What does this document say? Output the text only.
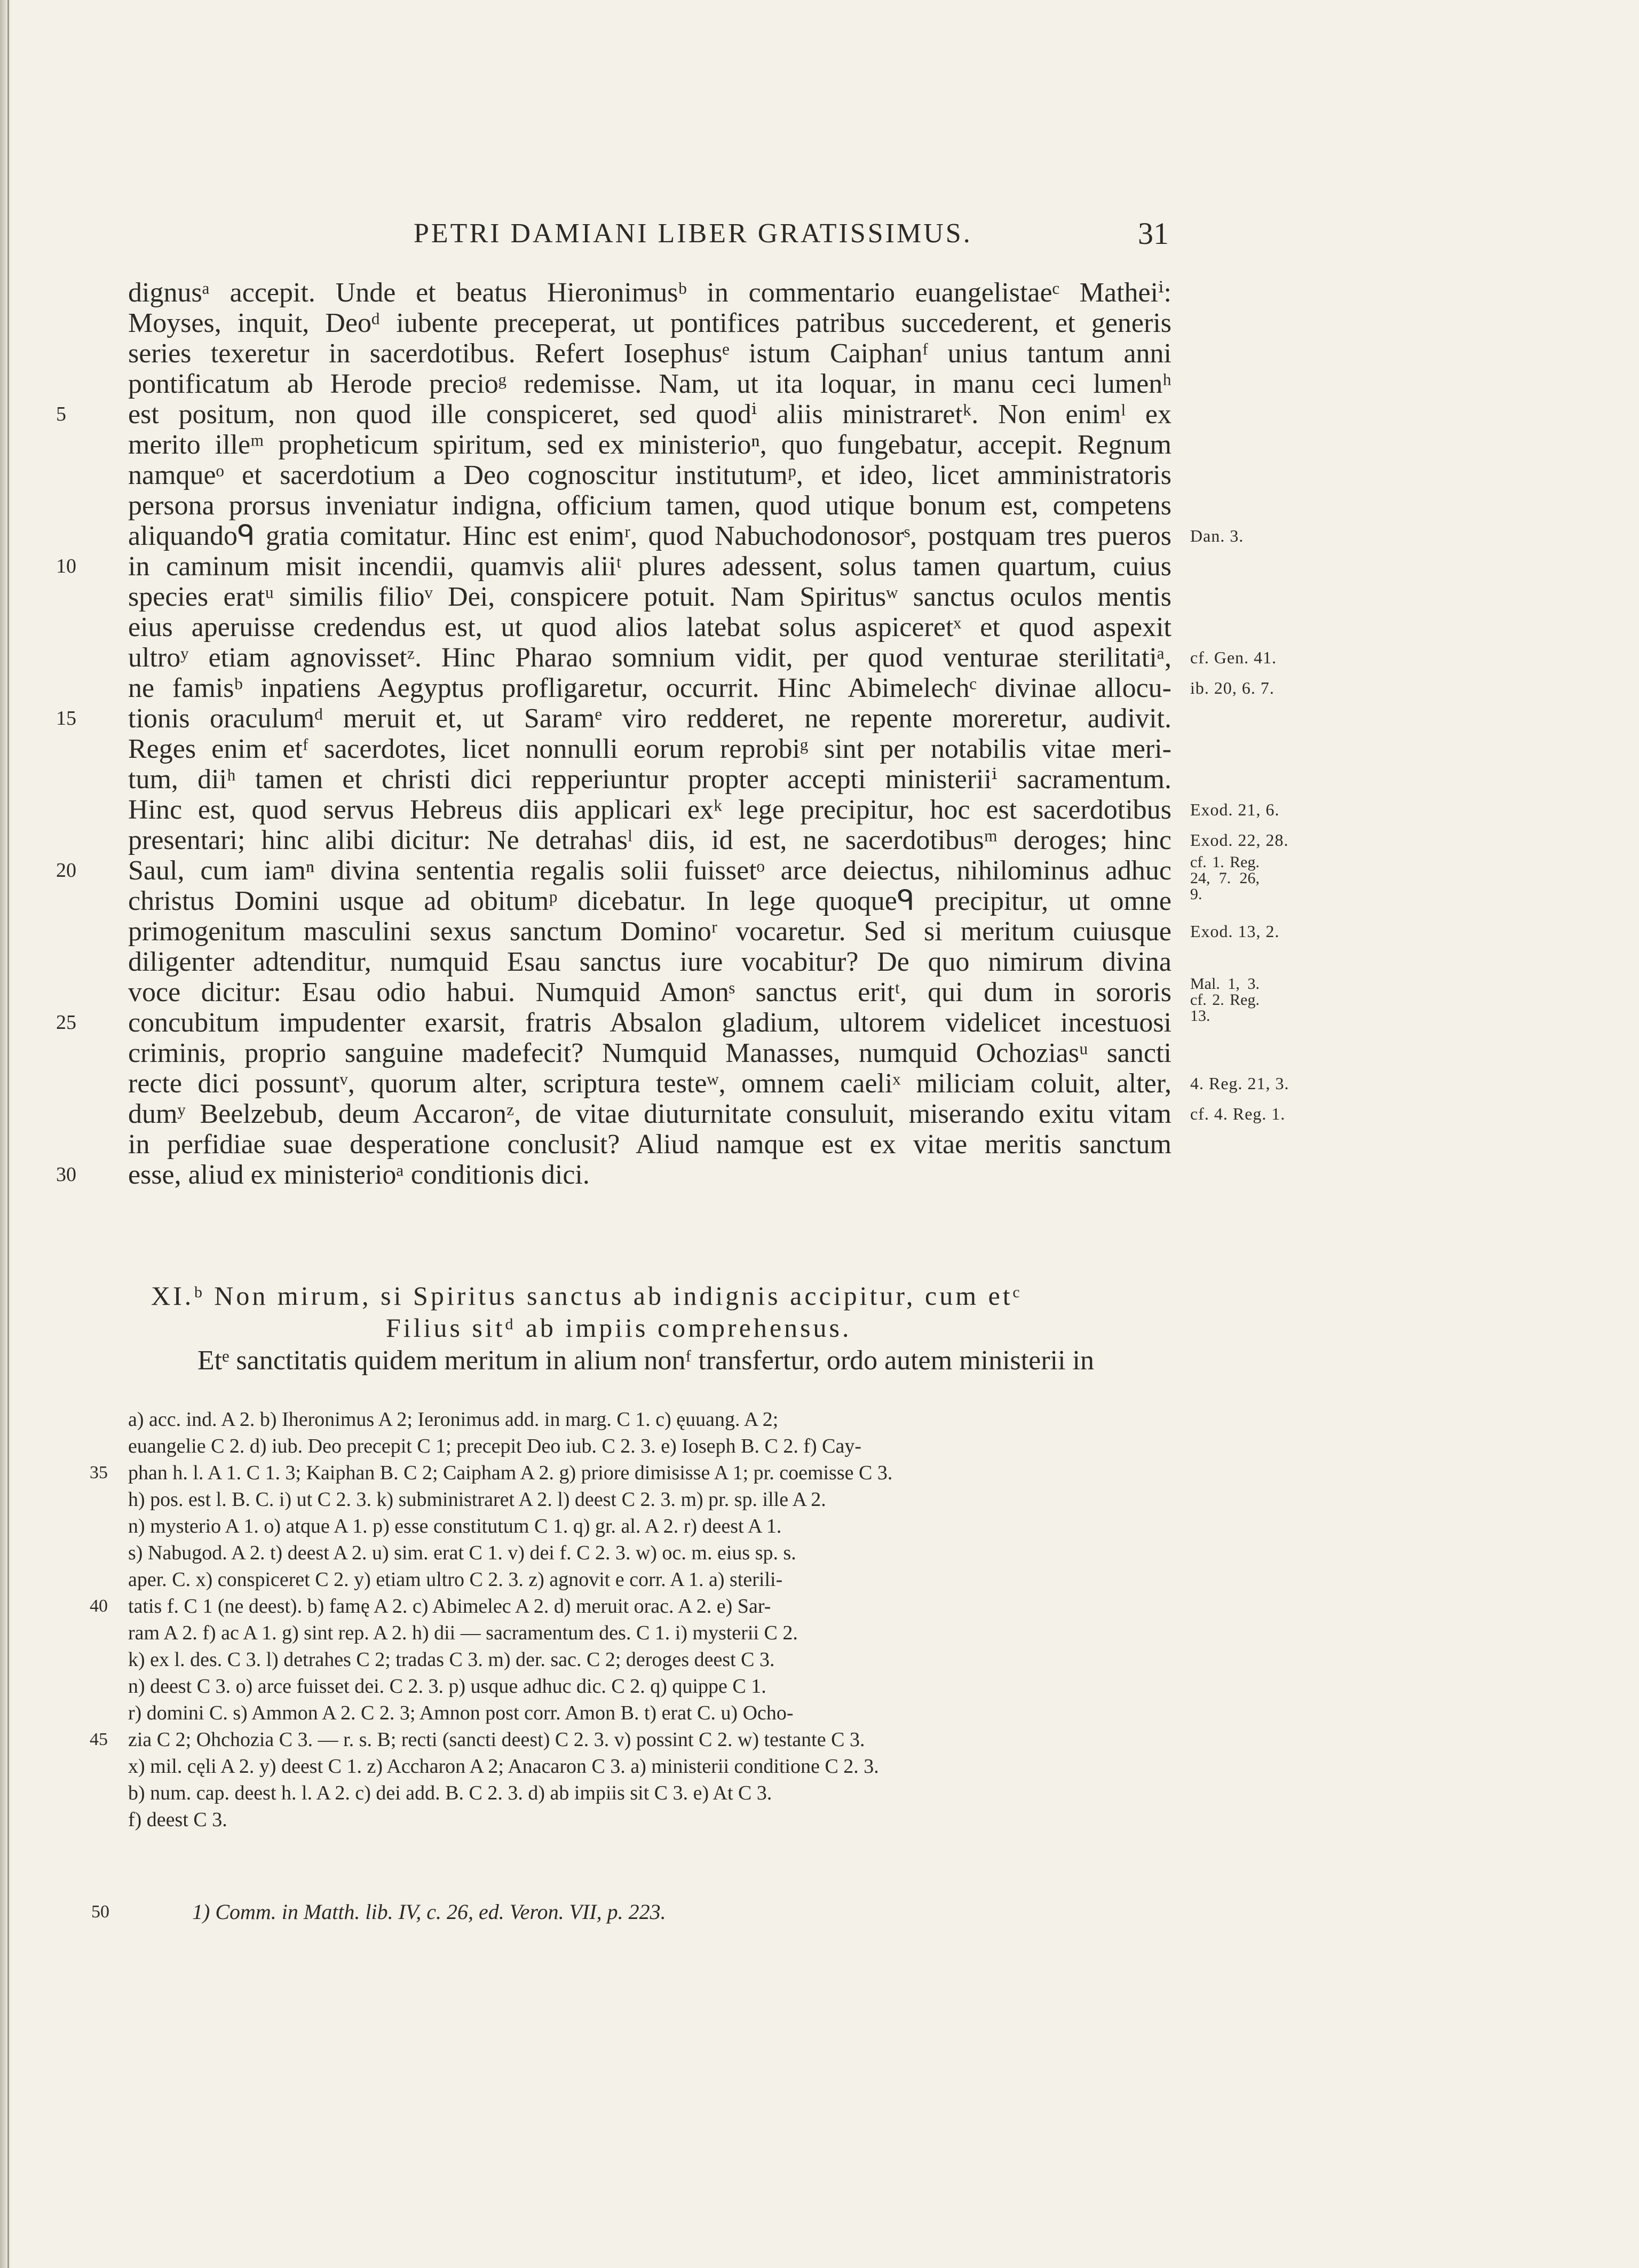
PETRI DAMIANI LIBER GRATISSIMUS.	31
dignusᵃ accepit. Unde et beatus Hieronimusᵇ in commentario euangelistaeᶜ Matheiⁱ:
Moyses, inquit, Deoᵈ iubente preceperat, ut pontifices patribus succederent, et generis
series texeretur in sacerdotibus. Refert Iosephusᵉ istum Caiphanᶠ unius tantum anni
pontificatum ab Herode precioᵍ redemisse. Nam, ut ita loquar, in manu ceci lumenʰ
est positum, non quod ille conspiceret, sed quodⁱ aliis ministraretᵏ. Non enimˡ ex
5
merito illeᵐ propheticum spiritum, sed ex ministerioⁿ, quo fungebatur, accepit. Regnum
namqueᵒ et sacerdotium a Deo cognoscitur institutumᵖ, et ideo, licet amministratoris
persona prorsus inveniatur indigna, officium tamen, quod utique bonum est, competens
aliquandoᑫ gratia comitatur. Hinc est enimʳ, quod Nabuchodonosorˢ, postquam tres pueros Dan. 3.
in caminum misit incendii, quamvis aliiᵗ plures adessent, solus tamen quartum, cuius
10
species eratᵘ similis filioᵛ Dei, conspicere potuit. Nam Spiritusʷ sanctus oculos mentis
eius aperuisse credendus est, ut quod alios latebat solus aspiceretˣ et quod aspexit
ultroʸ etiam agnovissetᶻ. Hinc Pharao somnium vidit, per quod venturae sterilitatiᵃ, cf. Gen. 41.
ne famisᵇ inpatiens Aegyptus profligaretur, occurrit. Hinc Abimelechᶜ divinae allocu- ib. 20, 6. 7.
tionis oraculumᵈ meruit et, ut Saramᵉ viro redderet, ne repente moreretur, audivit.
15
Reges enim etᶠ sacerdotes, licet nonnulli eorum reprobiᵍ sint per notabilis vitae meri-
tum, diiʰ tamen et christi dici repperiuntur propter accepti ministeriiⁱ sacramentum.
Hinc est, quod servus Hebreus diis applicari exᵏ lege precipitur, hoc est sacerdotibus Exod. 21, 6.
presentari; hinc alibi dicitur: Ne detrahasˡ diis, id est, ne sacerdotibusᵐ deroges; hinc Exod. 22, 28.
Saul, cum iamⁿ divina sententia regalis solii fuissetᵒ arce deiectus, nihilominus adhuc
20	cf. 1. Reg. 24, 7. 26, 9.
christus Domini usque ad obitumᵖ dicebatur. In lege quoqueᑫ precipitur, ut omne
primogenitum masculini sexus sanctum Dominoʳ vocaretur. Sed si meritum cuiusque Exod. 13, 2.
diligenter adtenditur, numquid Esau sanctus iure vocabitur? De quo nimirum divina
voce dicitur: Esau odio habui. Numquid Amonˢ sanctus eritᵗ, qui dum in sororis Mal. 1, 3. cf. 2. Reg. 13.
concubitum impudenter exarsit, fratris Absalon gladium, ultorem videlicet incestuosi
25
criminis, proprio sanguine madefecit? Numquid Manasses, numquid Ochoziasᵘ sancti
recte dici possuntᵛ, quorum alter, scriptura testeʷ, omnem caeliˣ miliciam coluit, alter, 4. Reg. 21, 3.
dumʸ Beelzebub, deum Accaronᶻ, de vitae diuturnitate consuluit, miserando exitu vitam cf. 4. Reg. 1.
in perfidiae suae desperatione conclusit? Aliud namque est ex vitae meritis sanctum
esse, aliud ex ministerioᵃ conditionis dici.
30
XI.ᵇ Non mirum, si Spiritus sanctus ab indignis accipitur, cum etᶜ
Filius sitᵈ ab impiis comprehensus.
Etᵉ sanctitatis quidem meritum in alium nonᶠ transfertur, ordo autem ministerii in
a) acc. ind. A 2. b) Iheronimus A 2; Ieronimus add. in marg. C 1. c) ęuuang. A 2;
euangelie C 2. d) iub. Deo precepit C 1; precepit Deo iub. C 2. 3. e) Ioseph B. C 2. f) Cay-
35 phan h. l. A 1. C 1. 3; Kaiphan B. C 2; Caipham A 2. g) priore dimisisse A 1; pr. coemisse C 3.
h) pos. est l. B. C. i) ut C 2. 3. k) subministraret A 2. l) deest C 2. 3. m) pr. sp. ille A 2.
n) mysterio A 1. o) atque A 1. p) esse constitutum C 1. q) gr. al. A 2. r) deest A 1.
s) Nabugod. A 2. t) deest A 2. u) sim. erat C 1. v) dei f. C 2. 3. w) oc. m. eius sp. s.
aper. C. x) conspiceret C 2. y) etiam ultro C 2. 3. z) agnovit e corr. A 1. a) sterili-
40 tatis f. C 1 (ne deest). b) famę A 2. c) Abimelec A 2. d) meruit orac. A 2. e) Sar-
ram A 2. f) ac A 1. g) sint rep. A 2. h) dii — sacramentum des. C 1. i) mysterii C 2.
k) ex l. des. C 3. l) detrahes C 2; tradas C 3. m) der. sac. C 2; deroges deest C 3.
n) deest C 3. o) arce fuisset dei. C 2. 3. p) usque adhuc dic. C 2. q) quippe C 1.
r) domini C. s) Ammon A 2. C 2. 3; Amnon post corr. Amon B. t) erat C. u) Ocho-
45 zia C 2; Ohchozia C 3. — r. s. B; recti (sancti deest) C 2. 3. v) possint C 2. w) testante C 3.
x) mil. cęli A 2. y) deest C 1. z) Accharon A 2; Anacaron C 3. a) ministerii conditione C 2. 3.
b) num. cap. deest h. l. A 2. c) dei add. B. C 2. 3. d) ab impiis sit C 3. e) At C 3.
f) deest C 3.
50	1) Comm. in Matth. lib. IV, c. 26, ed. Veron. VII, p. 223.
